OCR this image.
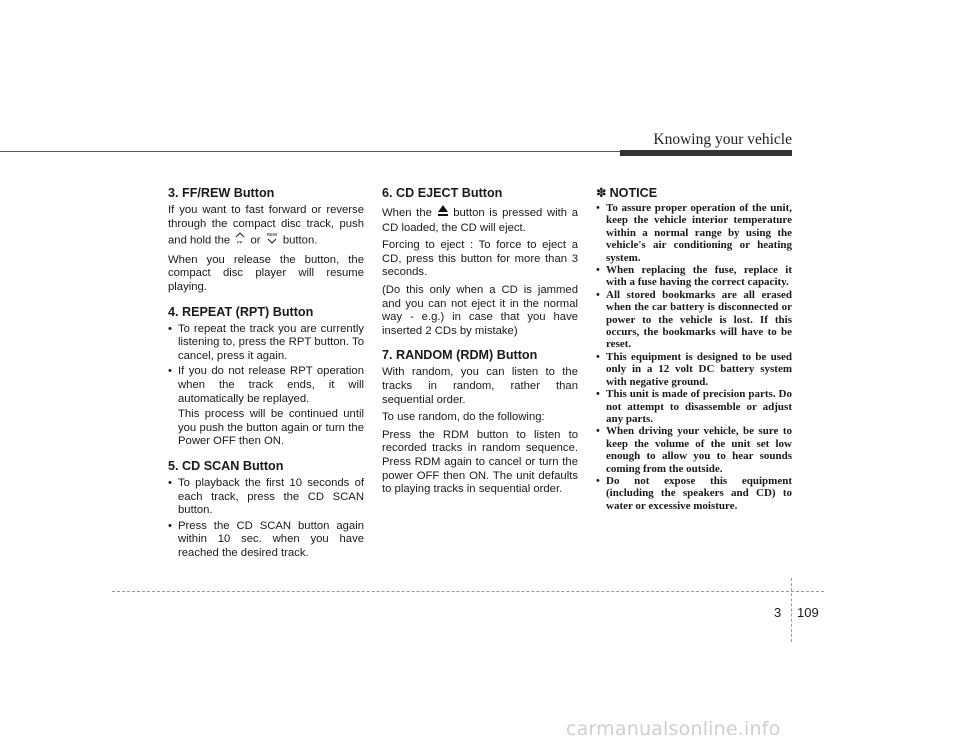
Knowing your vehicle
3. FF/REW Button

If you want to fast forward or reverse through the compact disc track, push and hold the FF or REW button.

When you release the button, the compact disc player will resume playing.

4. REPEAT (RPT) Button
• To repeat the track you are currently listening to, press the RPT button. To cancel, press it again.
• If you do not release RPT operation when the track ends, it will automatically be replayed.
This process will be continued until you push the button again or turn the Power OFF then ON.
5. CD SCAN Button
• To playback the first 10 seconds of each track, press the CD SCAN button.
• Press the CD SCAN button again within 10 sec. when you have reached the desired track.
6. CD EJECT Button

When the button is pressed with a CD loaded, the CD will eject.

Forcing to eject : To force to eject a CD, press this button for more than 3 seconds.

(Do this only when a CD is jammed and you can not eject it in the normal way - e.g.) in case that you have inserted 2 CDs by mistake)

7. RANDOM (RDM) Button

With random, you can listen to the tracks in random, rather than sequential order.

To use random, do the following:

Press the RDM button to listen to recorded tracks in random sequence. Press RDM again to cancel or turn the power OFF then ON. The unit defaults to playing tracks in sequential order.

✽ NOTICE
• To assure proper operation of the unit, keep the vehicle interior temperature within a normal range by using the vehicle's air conditioning or heating system.
• When replacing the fuse, replace it with a fuse having the correct capacity.
• All stored bookmarks are all erased when the car battery is disconnected or power to the vehicle is lost. If this occurs, the bookmarks will have to be reset.
• This equipment is designed to be used only in a 12 volt DC battery system with negative ground.
• This unit is made of precision parts. Do not attempt to disassemble or adjust any parts.
• When driving your vehicle, be sure to keep the volume of the unit set low enough to allow you to hear sounds coming from the outside.
• Do not expose this equipment (including the speakers and CD) to water or excessive moisture.
3 109
carmanualsonline.info
